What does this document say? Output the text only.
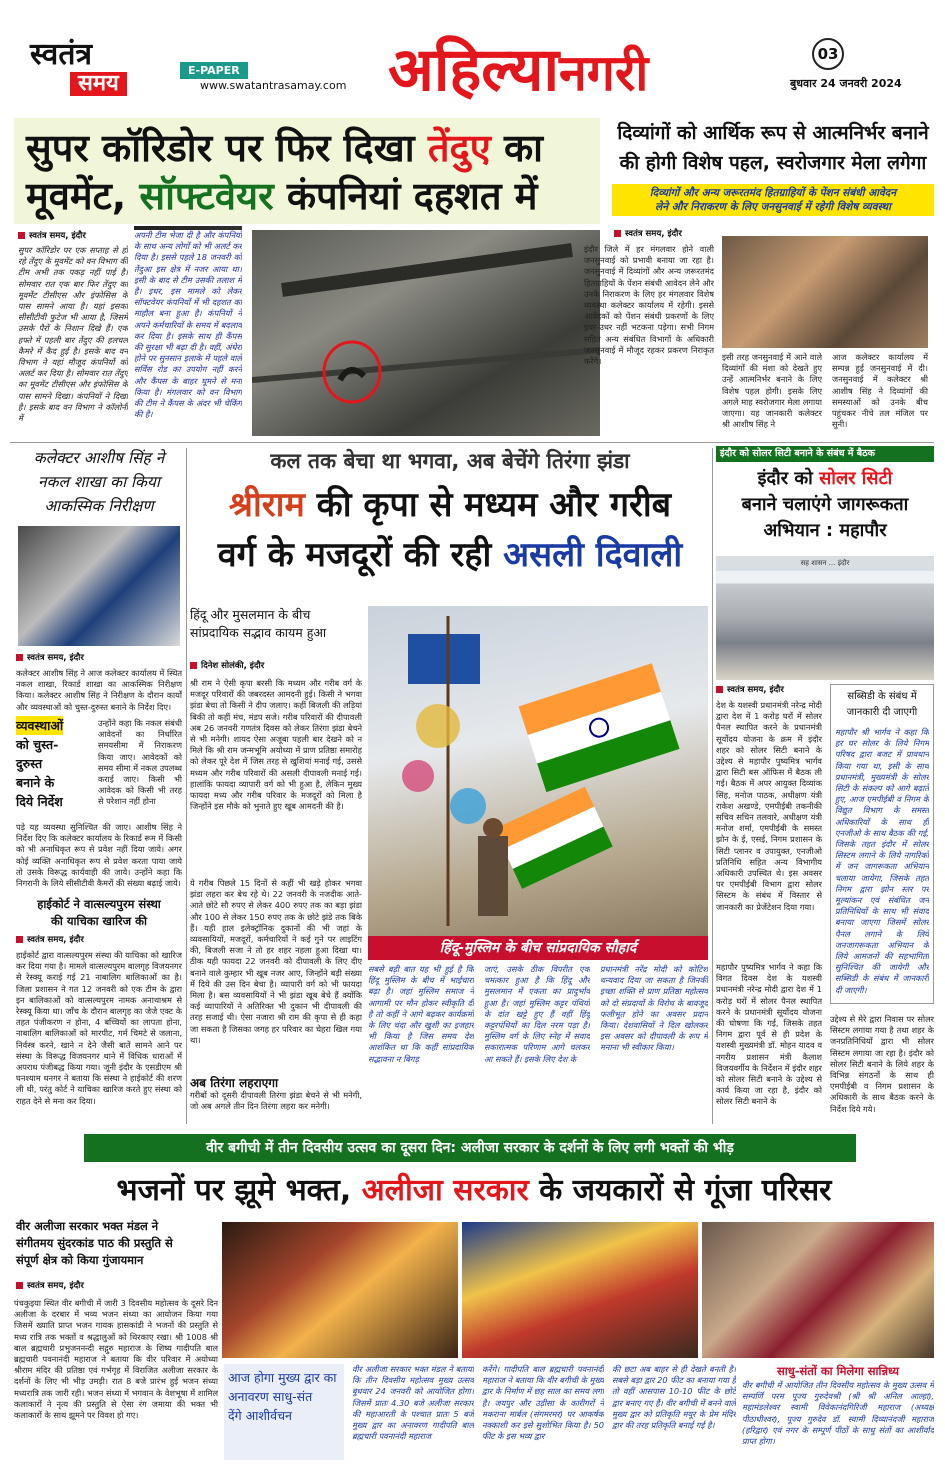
स्वतंत्र
समय
E-PAPER
www.swatantrasamay.com अहिल्यानगरी	03
बुधवार 24 जनवरी 2024
सुपर कॉरिडोर पर फिर दिखा तेंदुए का
मूवमेंट, सॉफ्टवेयर कंपनियां दहशत में
स्वतंत्र समय, इंदौर
सुपर कॉरिडोर पर एक सप्ताह से हो रहे तेंदुए के मूवमेंट को वन विभाग की टीम अभी तक पकड़ नहीं पाई है। सोमवार रात एक बार फिर तेंदुए का मूवमेंट टीसीएस और इंफोसिस के पास सामने आया है। यहां इसका सीसीटीवी फुटेज भी आया है, जिसमें उसके पैरों के निशान दिखे हैं। एक हफ्ते में पहली बार तेंदुए की हलचल कैमरे में कैद हुई है। इसके बाद वन विभाग ने यहां मौजूद कंपनियों को अलर्ट कर दिया है। सोमवार रात तेंदुए का मूवमेंट टीसीएस और इंफोसिस के पास सामने दिखा। कंपनियों ने दिखा है। इसके बाद वन विभाग ने कॉलोनी में
अपनी टीम भेजा दी है और कंपनियों के साथ अन्य लोगों को भी अलर्ट कर दिया है। इससे पहले 18 जनवरी को तेंदुआ इस क्षेत्र में नजर आया था। इसी के बाद से टीम उसकी तलाश में है। इधर, इस मामले को लेकर सॉफ्टवेयर कंपनियों में भी दहशत का माहौल बना हुआ है। कंपनियों ने अपने कर्मचारियों के समय में बदलाव कर दिया है। इसके साथ ही कैंपस की सुरक्षा भी बढ़ा दी है। वहीं, अंधेरा होने पर सुनसान इलाके में पहले वाले सर्विस रोड का उपयोग नहीं करने और कैंपस के बाहर घूमने से मना किया है। मंगलवार को वन विभाग की टीम ने कैंपस के अंदर भी चेकिंग की है।
दिव्यांगों को आर्थिक रूप से आत्मनिर्भर बनाने
की होगी विशेष पहल, स्वरोजगार मेला लगेगा
दिव्यांगों और अन्य जरूरतमंद हितग्राहियों के पेंशन संबंधी आवेदन
लेने और निराकरण के लिए जनसुनवाई में रहेगी विशेष व्यवस्था
स्वतंत्र समय, इंदौर
इंदौर जिले में हर मंगलवार होने वाली जनसुनवाई को प्रभावी बनाया जा रहा है। जनसुनवाई में दिव्यांगों और अन्य जरूरतमंद हितग्राहियों के पेंशन संबंधी आवेदन लेने और उनके निराकरण के लिए हर मंगलवार विशेष व्यवस्था कलेक्टर कार्यालय में रहेगी। इससे आवेदकों को पेंशन संबंधी प्रकरणों के लिए इधर-उधर नहीं भटकना पड़ेगा। सभी निगम सहित अन्य संबंधित विभागों के अधिकारी जनसुनवाई में मौजूद रहकर प्रकरण निराकृत करेंगे।	इसी तरह जनसुनवाई में आने वाले दिव्यांगों की मंशा को देखते हुए उन्हें आत्मनिर्भर बनाने के लिए विशेष पहल होगी। इसके लिए अगले माह स्वरोजगार मेला लगाया जाएगा। यह जानकारी कलेक्टर श्री आशीष सिंह ने
आज कलेक्टर कार्यालय में सम्पन्न हुई जनसुनवाई में दी। जनसुनवाई में कलेक्टर श्री आशीष सिंह ने दिव्यांगों की समस्याओं को उनके बीच पहुंचकर नीचे तल मंजिल पर सुनी।
कलेक्टर आशीष सिंह ने
नकल शाखा का किया
आकस्मिक निरीक्षण
स्वतंत्र समय, इंदौर
कलेक्टर आशीष सिंह ने आज कलेक्टर कार्यालय में स्थित नकल शाखा, रिकार्ड शाखा का आकस्मिक निरीक्षण किया। कलेक्टर आशीष सिंह ने निरीक्षण के दौरान कार्यों और व्यवस्थाओं को चुस्त-दुरुस्त बनाने के निर्देश दिए।
व्यवस्थाओं
को चुस्त-
दुरुस्त
बनाने के
दिये निर्देश
उन्होंने कहा कि नकल संबंधी आवेदनों का निर्धारित समयसीमा में निराकरण किया जाए। आवेदकों को समय सीमा में नकल उपलब्ध कराई जाए। किसी भी आवेदक को किसी भी तरह से परेशान नहीं होना
पड़े यह व्यवस्था सुनिश्चित की जाए। आशीष सिंह ने निर्देश दिए कि कलेक्टर कार्यालय के रिकार्ड रूम में किसी को भी अनाधिकृत रूप से प्रवेश नहीं दिया जाये। अगर कोई व्यक्ति अनाधिकृत रूप से प्रवेश करता पाया जाये तो उसके विरूद्ध कार्यवाही की जाये। उन्होंने कहा कि निगरानी के लिये सीसीटीवी कैमरों की संख्या बढ़ाई जाये।
हाईकोर्ट ने वात्सल्यपुरम संस्था
की याचिका खारिज की
स्वतंत्र समय, इंदौर
हाईकोर्ट द्वारा वात्सल्यपुरम संस्था की याचिका को खारिज कर दिया गया है। मामले वात्सल्यपुरम बालगृह विजयनगर से रेस्क्यू कराई गई 21 नाबालिग बालिकाओं का है। जिला प्रशासन ने गत 12 जनवरी को एक टीम के द्वारा इन बालिकाओं को वात्सल्यपुरम नामक अनाथाश्रम से रेस्क्यू किया था। जाँच के दौरान बालगृह का जेजे एक्ट के तहत पंजीकरण न होना, 4 बच्चियों का लापता होना, नाबालिग बालिकाओं को मारपीट, गर्म चिमटे से जलाना, निर्वस्त्र करने, खाने न देने जैसी बातें सामने आने पर संस्था के विरूद्ध विजयनगर थाने में विधिक धाराओं में अपराध पंजीबद्ध किया गया। जूनी इंदौर के एसडीएम श्री घनश्याम धनगर ने बताया कि संस्था ने हाईकोर्ट की शरण ली थी, परंतु कोर्ट ने याचिका खारिज करते हुए संस्था को राहत देने से मना कर दिया।
कल तक बेचा था भगवा, अब बेचेंगे तिरंगा झंडा
श्रीराम की कृपा से मध्यम और गरीब
वर्ग के मजदूरों की रही असली दिवाली
हिंदू और मुसलमान के बीच
सांप्रदायिक सद्भाव कायम हुआ
दिनेश सोलंकी, इंदौर
श्री राम ने ऐसी कृपा बरसी कि मध्यम और गरीब वर्ग के मजदूर परिवारों की जबरदस्त आमदनी हुई। किसी ने भगवा झंडा बेचा तो किसी ने दीप जलाए। कहीं बिजली की लड़ियां बिकी तो कहीं मंच, मंडप सजे। गरीब परिवारों की दीपावली अब 26 जनवरी गणतंत्र दिवस को लेकर तिरंगा झंडा बेचने से भी मनेगी। शायद ऐसा अजूबा पहली बार देखने को न मिले कि श्री राम जन्मभूमि अयोध्या में प्राण प्रतिष्ठा समारोह को लेकर पूरे देश में जिस तरह से खुशियां मनाई गई, उससे मध्यम और गरीब परिवारों की असली दीपावली मनाई गई। हालांकि फायदा व्यापारी वर्ग को भी हुआ है, लेकिन मुख्य फायदा मध्य और गरीब परिवार के मजदूरों को मिला है जिन्होंने इस मौके को भुनाते हुए खूब आमदनी की है।
ये गरीब पिछले 15 दिनों से कहीं भी खड़े होकर भगवा झंडा लहरा कर बेच रहे थे। 22 जनवरी के नजदीक आते-आते छोटे सौ रुपए से लेकर 400 रुपए तक का बड़ा झंडा और 100 से लेकर 150 रुपए तक के छोटे झंडे तक बिके हैं। यही हाल इलेक्ट्रॉनिक दुकानों की भी जहां के व्यवसायियों, मजदूरों, कर्मचारियों ने कई गुने पर लाइटिंग की, बिजली सजा ने तो हर शहर नहला हुआ दिखा था। ठीक यही फायदा 22 जनवरी को दीपावली के लिए दीए बनाने वाले कुम्हार भी खूब नजर आए, जिन्होंने बड़ी संख्या में दिये की उस दिन बेचा है। व्यापारी वर्ग को भी फायदा मिला है। बस व्यवसायियों ने भी झंडा खूब बेचे हैं क्योंकि कई व्यापारियों ने अतिरिक्त भी दुकान भी दीपावली की तरह सजाई थी। ऐसा नजारा श्री राम की कृपा से ही कहा जा सकता है जिसका जगह हर परिवार का चेहरा खिल गया था।
अब तिरंगा लहराएगा
गरीबों को दूसरी दीपावली तिरंगा झंडा बेचने से भी मनेगी, जो अब अगले तीन दिन तिरंगा लहरा कर मनेगी।
हिंदू-मुस्लिम के बीच सांप्रदायिक सौहार्द
सबसे बड़ी बात यह भी हुई है कि हिंदू मुस्लिम के बीच में भाईचारा बढ़ा है। जहां मुस्लिम समाज ने आगामी पर मौन होकर स्वीकृति दी है तो कहीं ने आगे बढ़कर कार्यक्रमों के लिए चंदा और खुशी का इजहार भी किया है जिस समय देश आशंकित था कि कहीं सांप्रदायिक सद्भावना न बिगड़
जाएं, उसके ठीक विपरीत एक चमत्कार हुआ है कि हिंदू और मुसलमान में एकता का प्रादुर्भाव हुआ है। जहां मुस्लिम कट्टर पंथियों के दांत खट्टे हुए हैं वहीं हिंदू कट्टरपंथियों का दिल नरम पड़ा है। मुस्लिम वर्ग के लिए स्नेह में सवाद सकारात्मक परिणाम आगे चलकर आ सकते हैं। इसके लिए देश के
प्रधानमंत्री नरेंद्र मोदी को कोटिश धन्यवाद दिया जा सकता है जिनकी इच्छा शक्ति से प्राण प्रतिष्ठा महोत्सव को दो संप्रदायों के विरोध के बावजूद फलीभूत होने का अवसर प्रदान किया। देशवासियों ने दिल खोलकर इस अवसर को दीपावली के रूप में मनाना भी स्वीकार किया।
इंदौर को सोलर सिटी बनाने के संबंध में बैठक
इंदौर को सोलर सिटी
बनाने चलाएंगे जागरूकता
अभियान : महापौर
सह शासन ... इंदौर
स्वतंत्र समय, इंदौर
देश के यशस्वी प्रधानमंत्री नरेन्द्र मोदी द्वारा देश में 1 करोड़ घरों में सोलर पैनल स्थापित करने के प्रधानमंत्री सूर्योदय योजना के क्रम में इंदौर शहर को सोलर सिटी बनाने के उद्देश्य से महापौर पुष्यमित्र भार्गव द्वारा सिटी बस ऑफिस में बैठक ली गई। बैठक में अपर आयुक्त दिव्यांक सिंह, मनोज पाठक, अधीक्षण यंत्री राकेश अखण्डे, एमपीईबी तकनीकी सचिव सचिन तलवारे, अधीक्षण यंत्री मनोज शर्मा, एमपीईबी के समस्त झोन के ई, एसई, निगम प्रशासन के सिटी प्लानर व उपायुक्त, एनजीओ प्रतिनिधि सहित अन्य विभागीय अधिकारी उपस्थित थे। इस अवसर पर एमपीईबी विभाग द्वारा सोलर सिस्टम के संबंध में विस्तार से जानकारी का प्रेजेंटेशन दिया गया।
महापौर पुष्यमित्र भार्गव ने कहा कि विगत दिवस देश के यशस्वी प्रधानमंत्री नरेन्द्र मोदी द्वारा देश में 1 करोड़ घरों में सोलर पैनल स्थापित करने के प्रधानमंत्री सूर्योदय योजना की घोषणा कि गई, जिसके तहत निगम द्वारा पूर्व से ही प्रदेश के यशस्वी मुख्यमंत्री डॉ. मोहन यादव व नगरीय प्रशासन मंत्री कैलाश विजयवर्गीय के निर्देशन में इंदौर शहर को सोलर सिटी बनाने के उद्देश्य से कार्य किया जा रहा है, इंदौर को सोलर सिटी बनाने के
सब्सिडी के संबंध में
जानकारी दी जाएगी
महापौर श्री भार्गव ने कहा कि हर घर सोलर के लिये निगम परिषद द्वारा बजट में प्रावधान किया गया था, इसी के साथ प्रधानमंत्री, मुख्यमंत्री के सोलर सिटी के संकल्प को आगे बढ़ाते हुए, आज एमपीईबी व निगम के विद्युत विभाग के समस्त अधिकारियों के साथ ही एनजीओ के साथ बैठक की गई, जिसके तहत इंदौर में सोलर सिस्टम लगाने के लिये नागरिकों में जन जागरूकता अभियान चलाया जायेगा, जिसके तहत निगम द्वारा झोन स्तर पर मूल्यांकन एवं संबंधित जन प्रतिनिधियों के साथ भी संवाद बनाया जाएगा जिसमें सोलर पैनल लगाने के लिये जनजागरूकता अभियान के लिये आमजनों की सहभागिता सुनिश्चित की जायेगी और सब्सिडी के संबंध में जानकारी दी जाएगी।
उद्देश्य से मेरे द्वारा निवास पर सोलर सिस्टम लगाया गया है तथा शहर के जनप्रतिनिधियों द्वारा भी सोलर सिस्टम लगाया जा रहा है। इंदौर को सोलर सिटी बनाने के लिये शहर के विभिन्न संगठनों के साथ ही एमपीईबी व निगम प्रशासन के अधिकारी के साथ बैठक करने के निर्देश दिये गये।
वीर बगीची में तीन दिवसीय उत्सव का दूसरा दिन: अलीजा सरकार के दर्शनों के लिए लगी भक्तों की भीड़
भजनों पर झूमे भक्त, अलीजा सरकार के जयकारों से गूंजा परिसर
वीर अलीजा सरकार भक्त मंडल ने
संगीतमय सुंदरकांड पाठ की प्रस्तुति से
संपूर्ण क्षेत्र को किया गुंजायमान
स्वतंत्र समय, इंदौर
पंचकुइया स्थित वीर बगीची में जारी 3 दिवसीय महोत्सव के दूसरे दिन अलीजा के दरबार में भव्य भजन संध्या का आयोजन किया गया जिसमें ख्याति प्राप्त भजन गायक हासकांडी ने भजनों की प्रस्तुति से मध्य रात्रि तक भक्तों व श्रद्धालुओं को थिरकाए रखा। श्री 1008 श्री बाल ब्रह्मचारी प्रभुजननन्दी सद्गुरु महाराज के शिष्य गादीपति बाल ब्रह्मचारी पवनानंदी महाराज ने बताया कि वीर परिवार में अयोध्या श्रीराम मंदिर की प्रतिष्ठा एवं गर्भगृह में विराजित अलीजा सरकार के दर्शनों के लिए भी भीड़ उमड़ी। रात 8 बजे प्रारंभ हुई भजन संध्या मध्यरात्रि तक जारी रही। भजन संध्या में भगवान के वेशभूषा में शामिल कलाकारों ने नृत्य की प्रस्तुति से ऐसा रंग जमाया की भक्त भी कलाकारों के साथ झूमने पर विवश हो गए।
आज होगा मुख्य द्वार का
अनावरण साधु-संत
देंगे आशीर्वचन
वीर अलीजा सरकार भक्त मंडल ने बताया कि तीन दिवसीय महोत्सव मुख्य उत्सव बुधवार 24 जनवरी को आयोजित होगा। जिसमें प्रातः 4.30 बजे अलीजा सरकार की महाआरती के पश्चात प्रातः 5 बजे मुख्य द्वार का अनावरण गादीपति बाल ब्रह्मचारी पवनानंदी महाराज
करेंगे। गादीपति बाल ब्रह्मचारी पवनानंदी महाराज ने बताया कि वीर बगीची के मुख्य द्वार के निर्माण में छह साल का समय लगा है। जयपुर और उड़ीसा के कारीगरों ने मकराना मार्बल (संगमरमर) पर आकर्षक नक्काशी कर इसे सुशोभित किया है। 50 फीट के इस भव्य द्वार
की छटा अब बाहर से ही देखते बनती है। सबसे बड़ा द्वार 20 फीट का बनाया गया है तो वहीं आसपास 10-10 फीट के छोटे द्वार बनाए गए हैं। वीर बगीची में बनने वाले मुख्य द्वार को प्रतिकृति मयूर के प्रेम मंदिर द्वार की तरह प्रतिकृति बनाई गई है।
साधु-संतों का मिलेगा सान्निध्य
वीर बगीची में आयोजित तीन दिवसीय महोत्सव के मुख्य उत्सव में सम्पर्णि परम पूज्य गुरुदेवश्री (श्री श्री अनिल आल्हा), महामंडलेश्वर स्वामी विवेकानंदगिरिजी महाराज (अध्यक्ष पीठाधीश्वर), पूज्य गुरुदेव डॉ. स्वामी दिव्यानंदजी महाराज (हरिद्वार) एवं नगर के सम्पूर्ण पीठों के साधु संतों का आशीर्वाद प्राप्त होगा।
